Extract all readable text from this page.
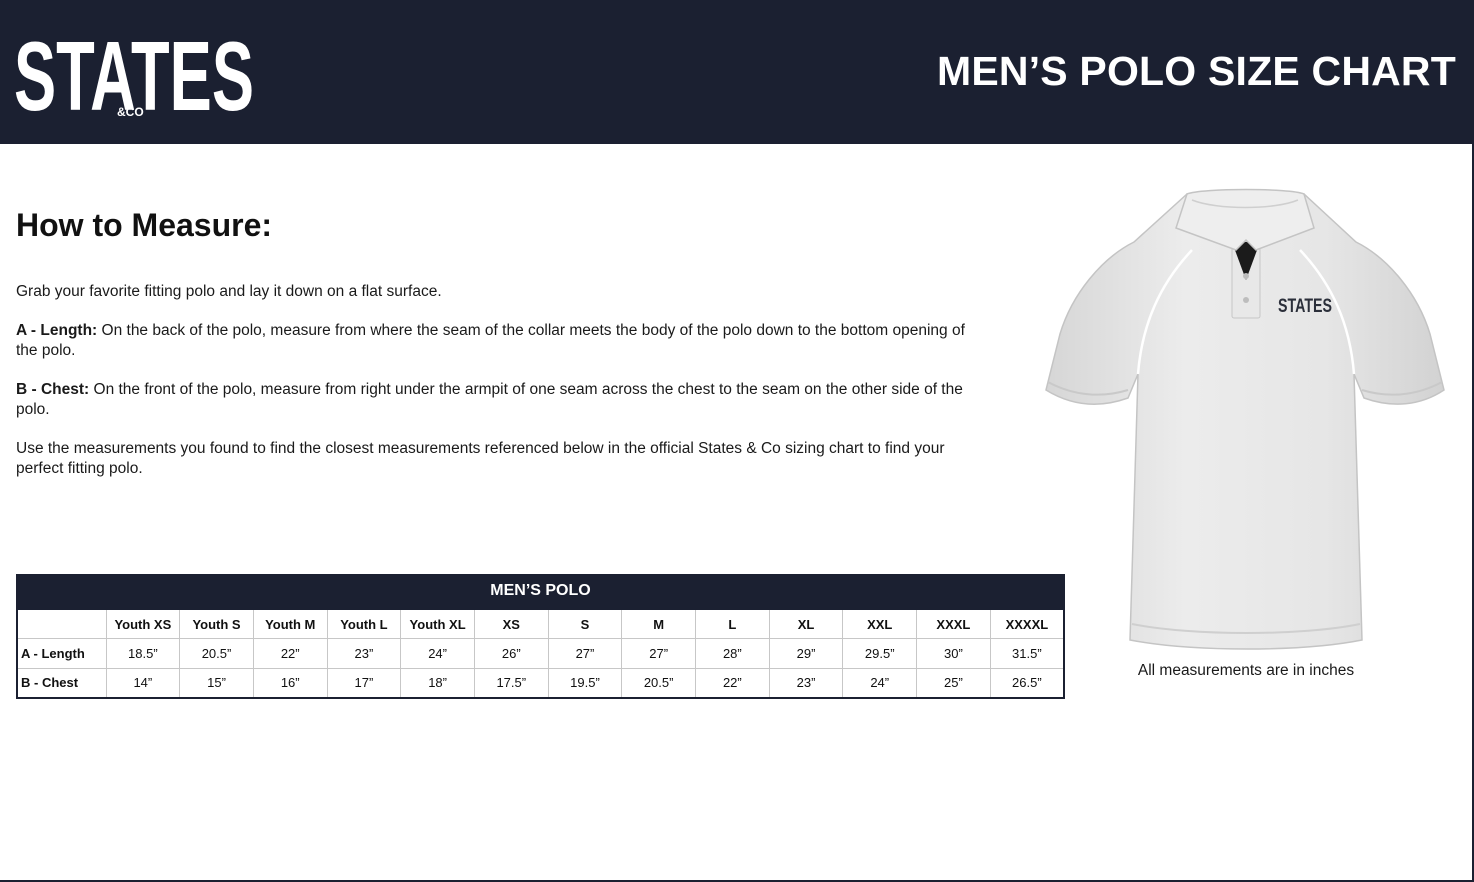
STATES
&CO
MEN’S POLO SIZE CHART
How to Measure:

Grab your favorite fitting polo and lay it down on a flat surface.

A - Length: On the back of the polo, measure from where the seam of the collar meets the body of the polo down to the bottom opening of the polo.

B - Chest: On the front of the polo, measure from right under the armpit of one seam across the chest to the seam on the other side of the polo.

Use the measurements you found to find the closest measurements referenced below in the official States & Co sizing chart to find your perfect fitting polo.

MEN’S POLO
	Youth XS	Youth S	Youth M	Youth L	Youth XL	XS	S	M	L	XL	XXL	XXXL	XXXXL
A - Length	18.5”	20.5”	22”	23”	24”	26”	27”	27”	28”	29”	29.5”	30”	31.5”
B - Chest	14”	15”	16”	17”	18”	17.5”	19.5”	20.5”	22”	23”	24”	25”	26.5”
STATES
All measurements are in inches
